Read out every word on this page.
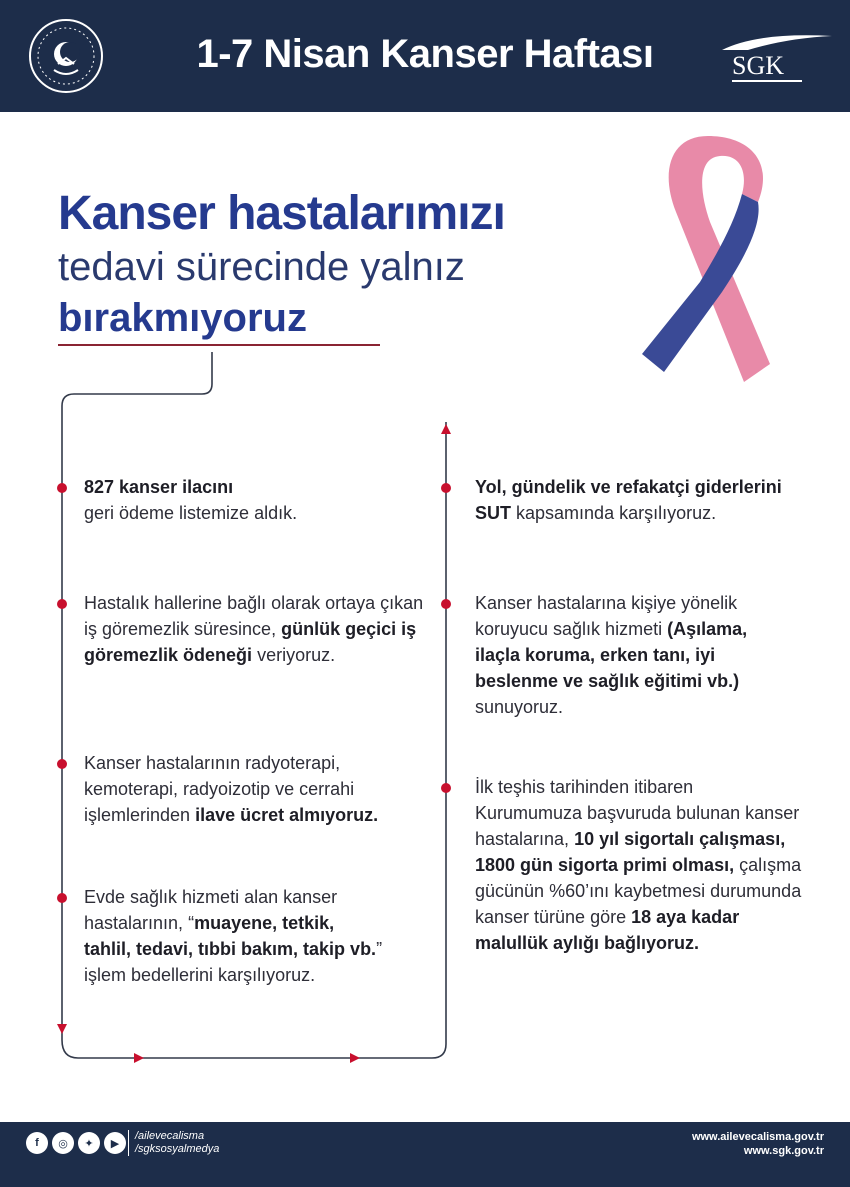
1-7 Nisan Kanser Haftası	SGK
Kanser hastalarımızı
tedavi sürecinde yalnız
bırakmıyoruz
827 kanser ilacını
geri ödeme listemize aldık.
Hastalık hallerine bağlı olarak ortaya çıkan iş göremezlik süresince, günlük geçici iş göremezlik ödeneği veriyoruz.
Kanser hastalarının radyoterapi, kemoterapi, radyoizotip ve cerrahi işlemlerinden ilave ücret almıyoruz.
Evde sağlık hizmeti alan kanser hastalarının, “muayene, tetkik, tahlil, tedavi, tıbbi bakım, takip vb.” işlem bedellerini karşılıyoruz.
Yol, gündelik ve refakatçi giderlerini
SUT kapsamında karşılıyoruz.
Kanser hastalarına kişiye yönelik koruyucu sağlık hizmeti (Aşılama, ilaçla koruma, erken tanı, iyi beslenme ve sağlık eğitimi vb.) sunuyoruz.
İlk teşhis tarihinden itibaren Kurumumuza başvuruda bulunan kanser hastalarına, 10 yıl sigortalı çalışması, 1800 gün sigorta primi olması, çalışma gücünün %60’ını kaybetmesi durumunda kanser türüne göre 18 aya kadar malullük aylığı bağlıyoruz.
f	◎	✦	▶
/ailevecalisma
/sgksosyalmedya
www.ailevecalisma.gov.tr
www.sgk.gov.tr
